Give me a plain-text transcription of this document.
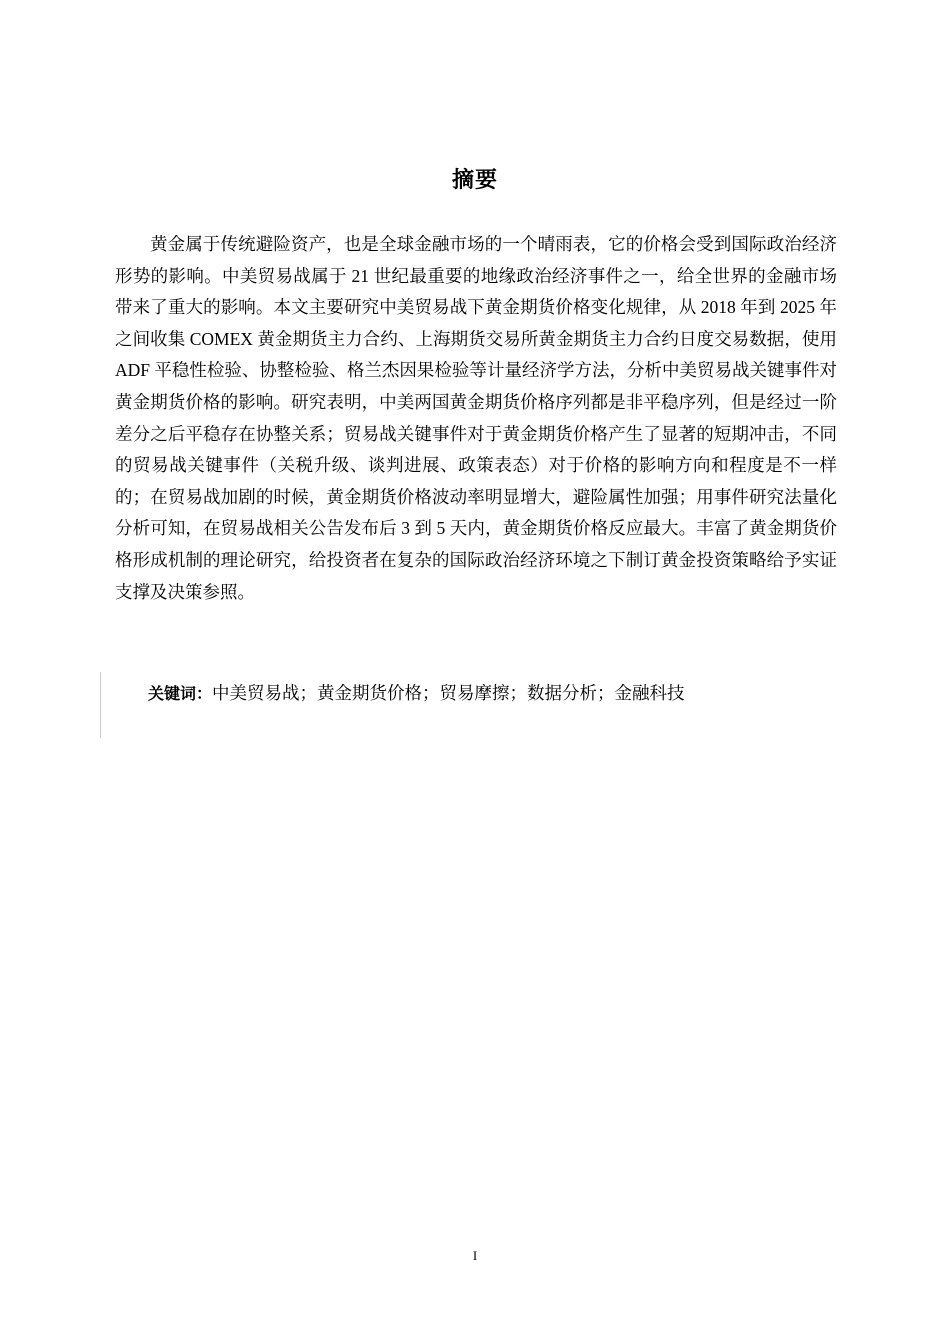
摘要

黄金属于传统避险资产，也是全球金融市场的一个晴雨表，它的价格会受到国际政治经济形势的影响。中美贸易战属于 21 世纪最重要的地缘政治经济事件之一，给全世界的金融市场带来了重大的影响。本文主要研究中美贸易战下黄金期货价格变化规律，从 2018 年到 2025 年之间收集 COMEX 黄金期货主力合约、上海期货交易所黄金期货主力合约日度交易数据，使用 ADF 平稳性检验、协整检验、格兰杰因果检验等计量经济学方法，分析中美贸易战关键事件对黄金期货价格的影响。研究表明，中美两国黄金期货价格序列都是非平稳序列，但是经过一阶差分之后平稳存在协整关系；贸易战关键事件对于黄金期货价格产生了显著的短期冲击，不同的贸易战关键事件（关税升级、谈判进展、政策表态）对于价格的影响方向和程度是不一样的；在贸易战加剧的时候，黄金期货价格波动率明显增大，避险属性加强；用事件研究法量化分析可知，在贸易战相关公告发布后 3 到 5 天内，黄金期货价格反应最大。丰富了黄金期货价格形成机制的理论研究，给投资者在复杂的国际政治经济环境之下制订黄金投资策略给予实证支撑及决策参照。

关键词：中美贸易战；黄金期货价格；贸易摩擦；数据分析；金融科技
I
